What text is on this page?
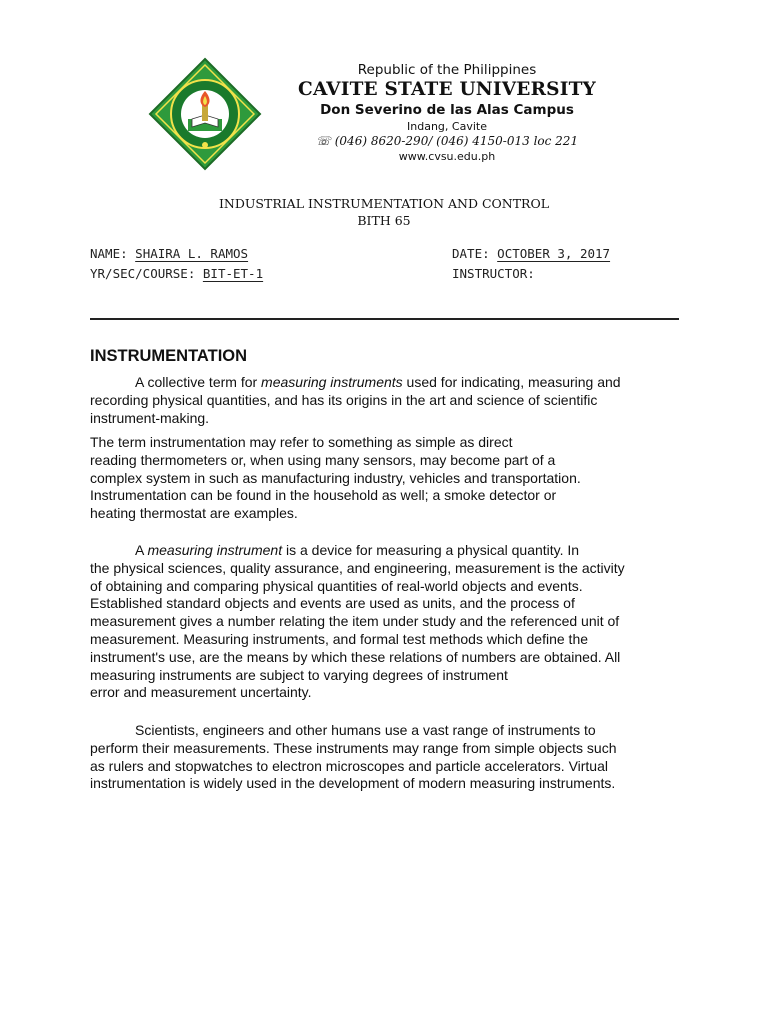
Republic of the Philippines
CAVITE STATE UNIVERSITY
Don Severino de las Alas Campus
Indang, Cavite
☏ (046) 8620-290/ (046) 4150-013 loc 221
www.cvsu.edu.ph
INDUSTRIAL INSTRUMENTATION AND CONTROL
BITH 65
NAME: SHAIRA L. RAMOS
YR/SEC/COURSE: BIT-ET-1
DATE: OCTOBER 3, 2017
INSTRUCTOR:
INSTRUMENTATION
A collective term for measuring instruments used for indicating, measuring and
recording physical quantities, and has its origins in the art and science of scientific
instrument-making.
The term instrumentation may refer to something as simple as direct
reading thermometers or, when using many sensors, may become part of a
complex system in such as manufacturing industry, vehicles and transportation.
Instrumentation can be found in the household as well; a smoke detector or
heating thermostat are examples.
A measuring instrument is a device for measuring a physical quantity. In
the physical sciences, quality assurance, and engineering, measurement is the activity
of obtaining and comparing physical quantities of real-world objects and events.
Established standard objects and events are used as units, and the process of
measurement gives a number relating the item under study and the referenced unit of
measurement. Measuring instruments, and formal test methods which define the
instrument's use, are the means by which these relations of numbers are obtained. All
measuring instruments are subject to varying degrees of instrument
error and measurement uncertainty.
Scientists, engineers and other humans use a vast range of instruments to
perform their measurements. These instruments may range from simple objects such
as rulers and stopwatches to electron microscopes and particle accelerators. Virtual
instrumentation is widely used in the development of modern measuring instruments.
